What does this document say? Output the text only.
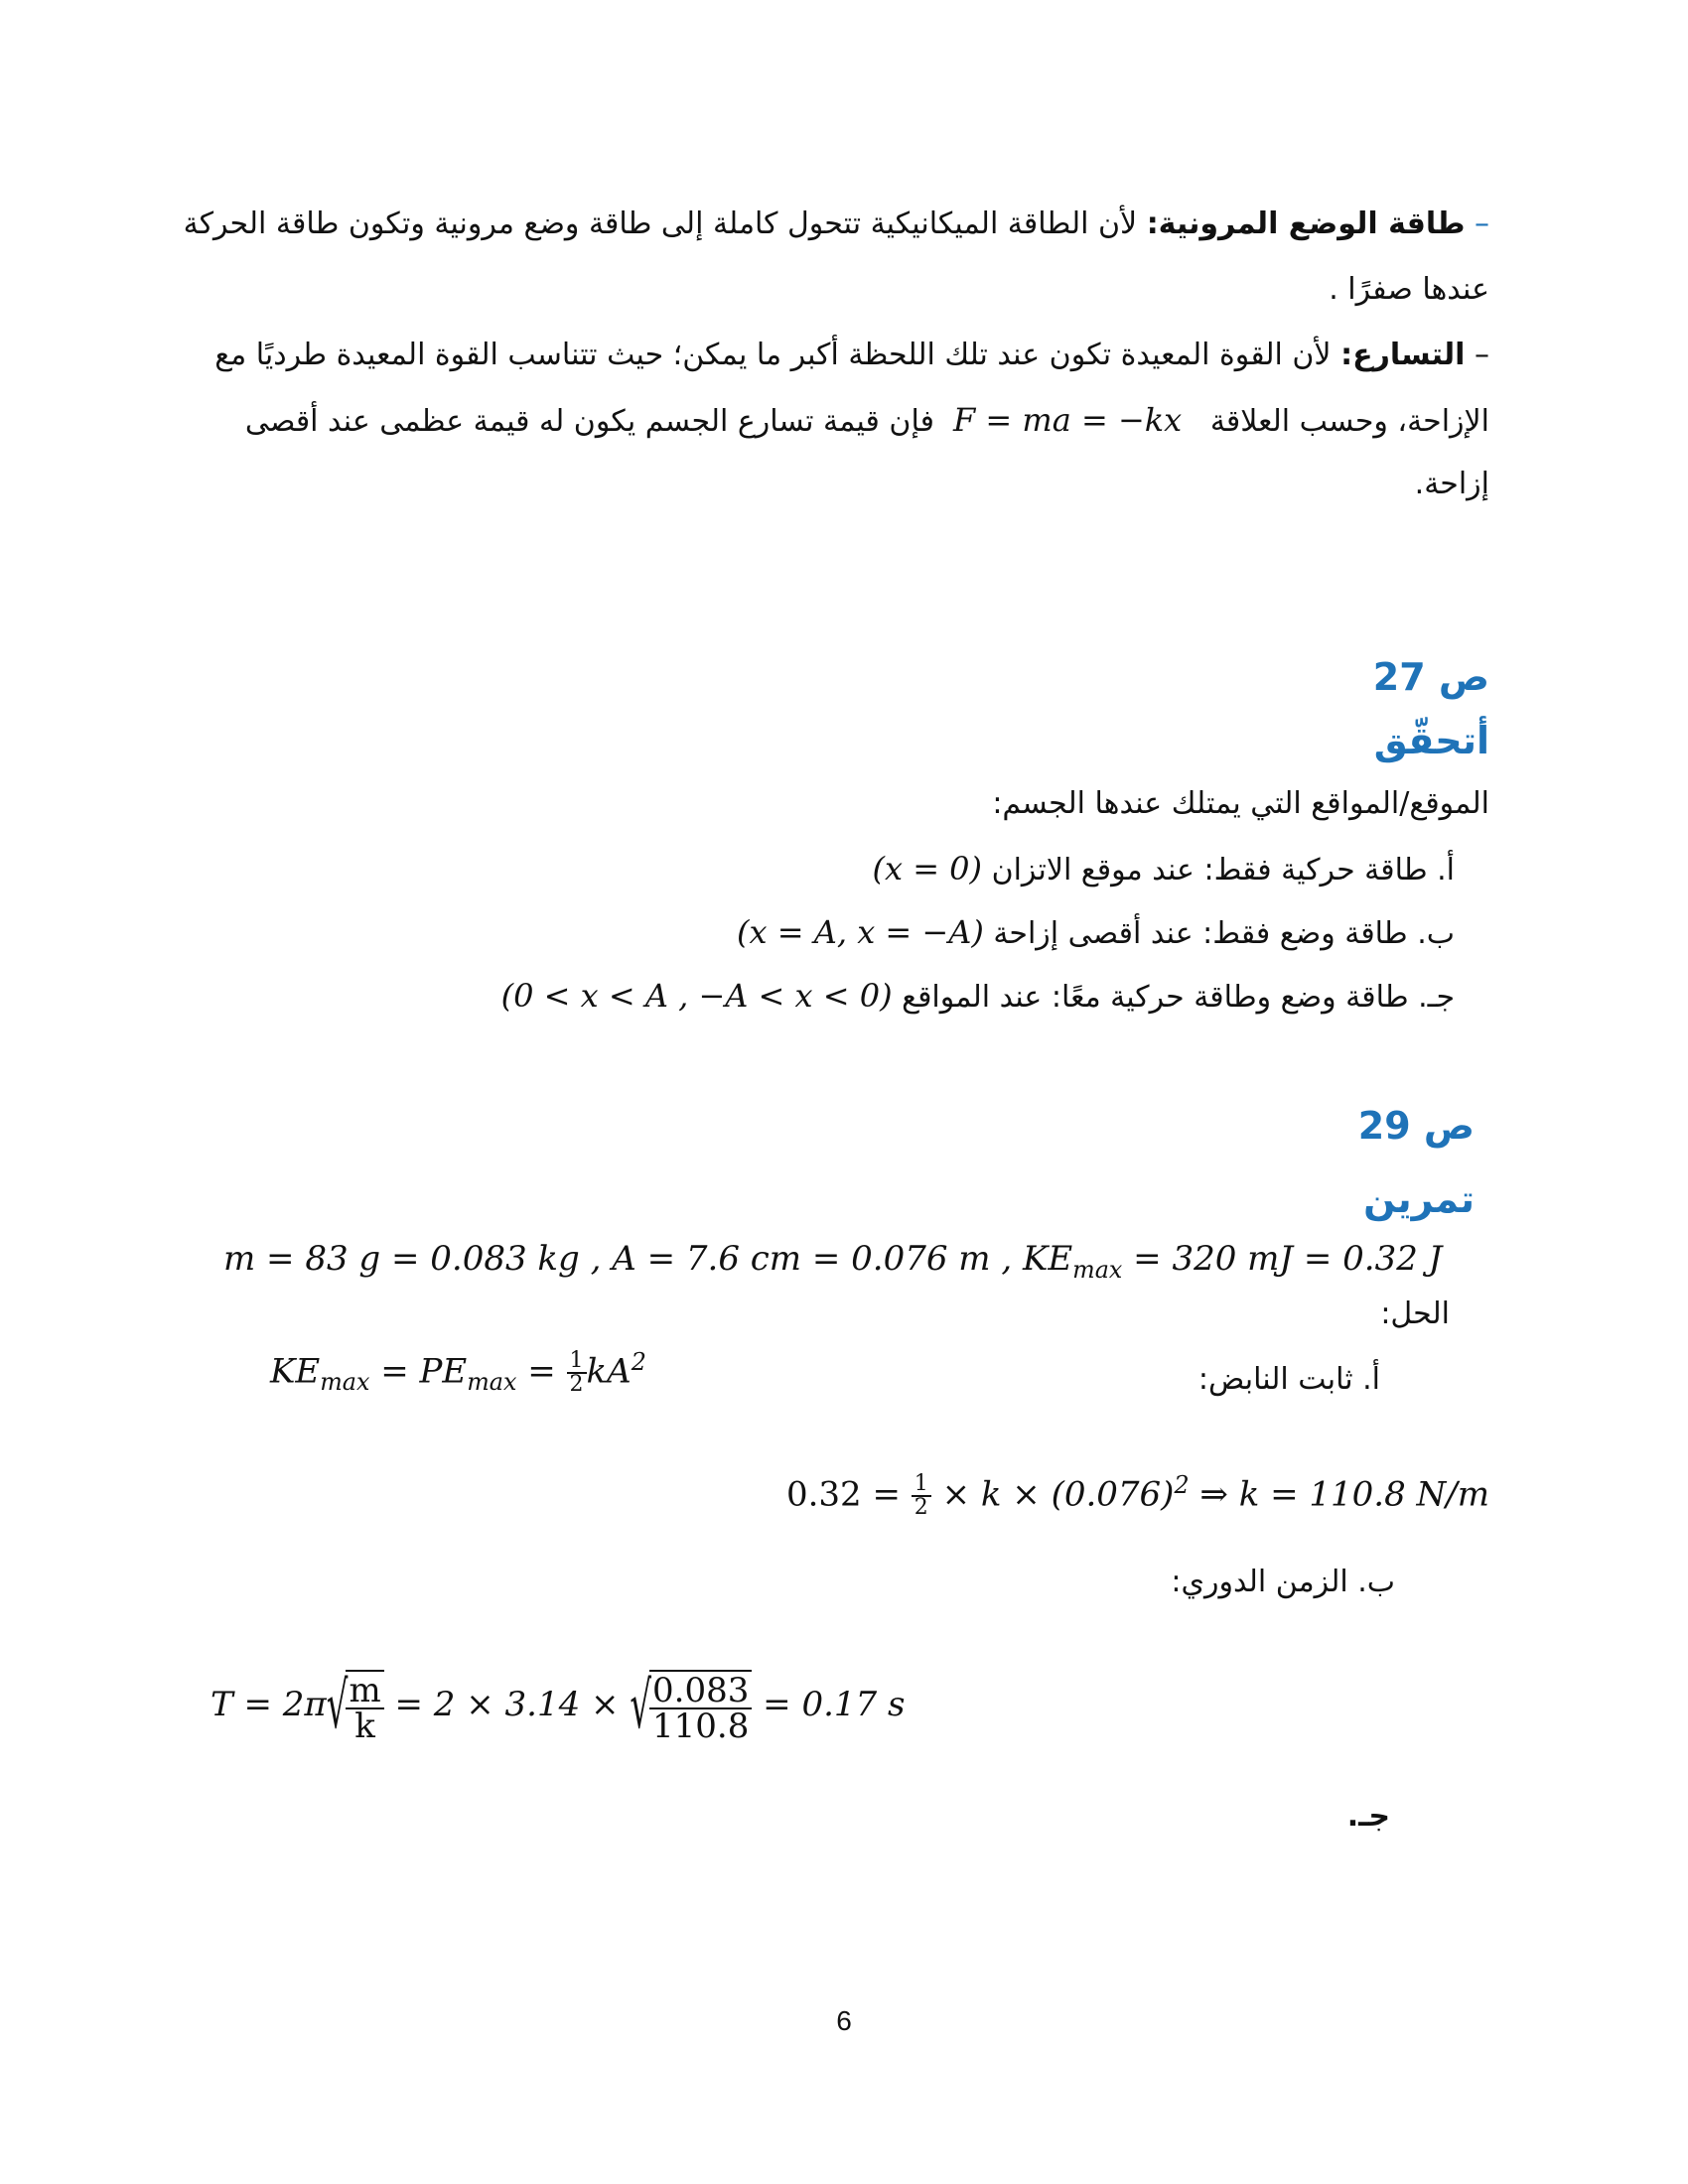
– طاقة الوضع المرونية: لأن الطاقة الميكانيكية تتحول كاملة إلى طاقة وضع مرونية وتكون طاقة الحركة
عندها صفرًا .
– التسارع: لأن القوة المعيدة تكون عند تلك اللحظة أكبر ما يمكن؛ حيث تتناسب القوة المعيدة طرديًا مع
الإزاحة، وحسب العلاقة   F = ma = −kx  فإن قيمة تسارع الجسم يكون له قيمة عظمى عند أقصى
إزاحة.
ص 27
أتحقّق
الموقع/المواقع التي يمتلك عندها الجسم:
أ. طاقة حركية فقط: عند موقع الاتزان (x = 0)
ب. طاقة وضع فقط: عند أقصى إزاحة (x = A, x = −A)
جـ. طاقة وضع وطاقة حركية معًا: عند المواقع (0 < x < A , −A < x < 0)
ص 29
تمرين
m = 83 g = 0.083 kg , A = 7.6 cm = 0.076 m , $KE_{max} = 320$ mJ = 0.32 J
الحل:
أ. ثابت النابض:
$KE_{max} = PE_{max} = \frac{1}{2} kA^2$
$0.32 = \frac{1}{2} \times k \times (0.076)^2$ ⇒ k = 110.8 N/m
ب. الزمن الدوري:
T = 2π√
$\frac{m}{k} = 2 \times 3.14$ × √
$\frac{0.083}{110.8} = 0.17$ s
جـ.
6
